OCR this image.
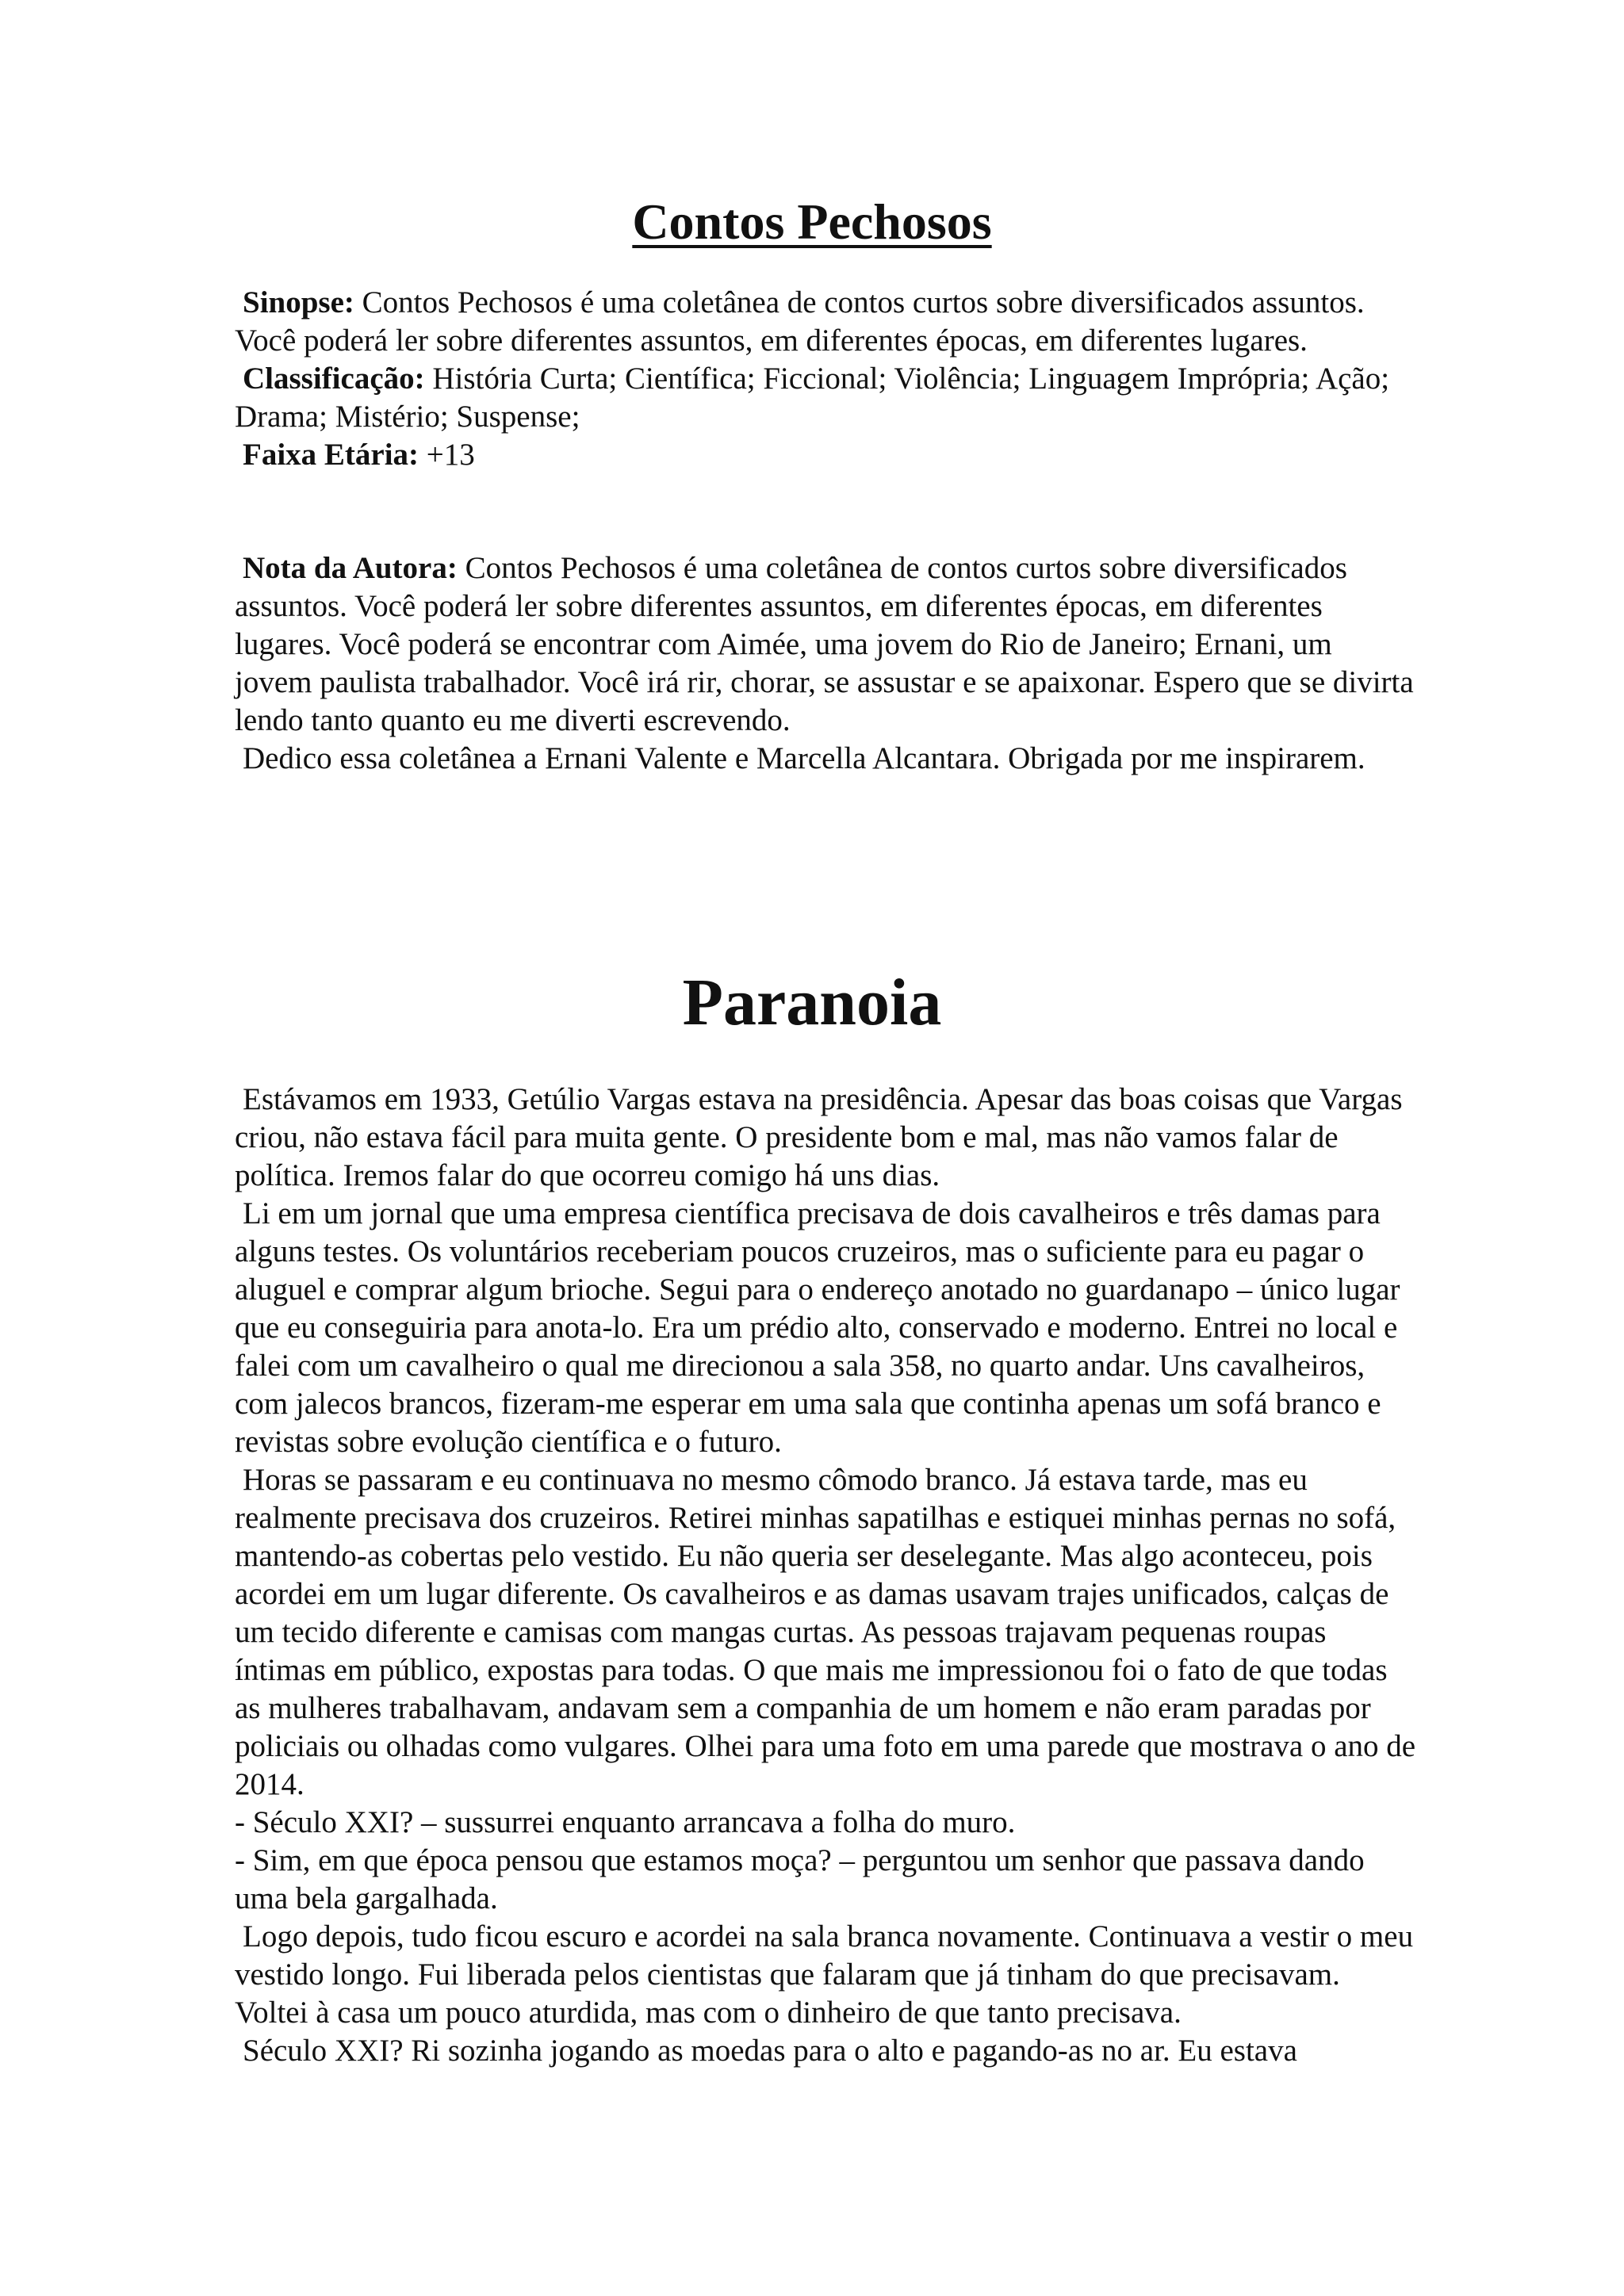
Contos Pechosos

Sinopse: Contos Pechosos é uma coletânea de contos curtos sobre diversificados assuntos. Você poderá ler sobre diferentes assuntos, em diferentes épocas, em diferentes lugares.

Classificação: História Curta; Científica; Ficcional; Violência; Linguagem Imprópria; Ação; Drama; Mistério; Suspense;

Faixa Etária: +13

Nota da Autora: Contos Pechosos é uma coletânea de contos curtos sobre diversificados assuntos. Você poderá ler sobre diferentes assuntos, em diferentes épocas, em diferentes lugares. Você poderá se encontrar com Aimée, uma jovem do Rio de Janeiro; Ernani, um jovem paulista trabalhador. Você irá rir, chorar, se assustar e se apaixonar. Espero que se divirta lendo tanto quanto eu me diverti escrevendo.

Dedico essa coletânea a Ernani Valente e Marcella Alcantara. Obrigada por me inspirarem.

Paranoia

Estávamos em 1933, Getúlio Vargas estava na presidência. Apesar das boas coisas que Vargas criou, não estava fácil para muita gente. O presidente bom e mal, mas não vamos falar de política. Iremos falar do que ocorreu comigo há uns dias.

Li em um jornal que uma empresa científica precisava de dois cavalheiros e três damas para alguns testes. Os voluntários receberiam poucos cruzeiros, mas o suficiente para eu pagar o aluguel e comprar algum brioche. Segui para o endereço anotado no guardanapo – único lugar que eu conseguiria para anota-lo. Era um prédio alto, conservado e moderno. Entrei no local e falei com um cavalheiro o qual me direcionou a sala 358, no quarto andar. Uns cavalheiros, com jalecos brancos, fizeram-me esperar em uma sala que continha apenas um sofá branco e revistas sobre evolução científica e o futuro.

Horas se passaram e eu continuava no mesmo cômodo branco. Já estava tarde, mas eu realmente precisava dos cruzeiros. Retirei minhas sapatilhas e estiquei minhas pernas no sofá, mantendo-as cobertas pelo vestido. Eu não queria ser deselegante. Mas algo aconteceu, pois acordei em um lugar diferente. Os cavalheiros e as damas usavam trajes unificados, calças de um tecido diferente e camisas com mangas curtas. As pessoas trajavam pequenas roupas íntimas em público, expostas para todas. O que mais me impressionou foi o fato de que todas as mulheres trabalhavam, andavam sem a companhia de um homem e não eram paradas por policiais ou olhadas como vulgares. Olhei para uma foto em uma parede que mostrava o ano de 2014.

- Século XXI? – sussurrei enquanto arrancava a folha do muro.

- Sim, em que época pensou que estamos moça? – perguntou um senhor que passava dando uma bela gargalhada.

Logo depois, tudo ficou escuro e acordei na sala branca novamente. Continuava a vestir o meu vestido longo. Fui liberada pelos cientistas que falaram que já tinham do que precisavam. Voltei à casa um pouco aturdida, mas com o dinheiro de que tanto precisava.

Século XXI? Ri sozinha jogando as moedas para o alto e pagando-as no ar. Eu estava
